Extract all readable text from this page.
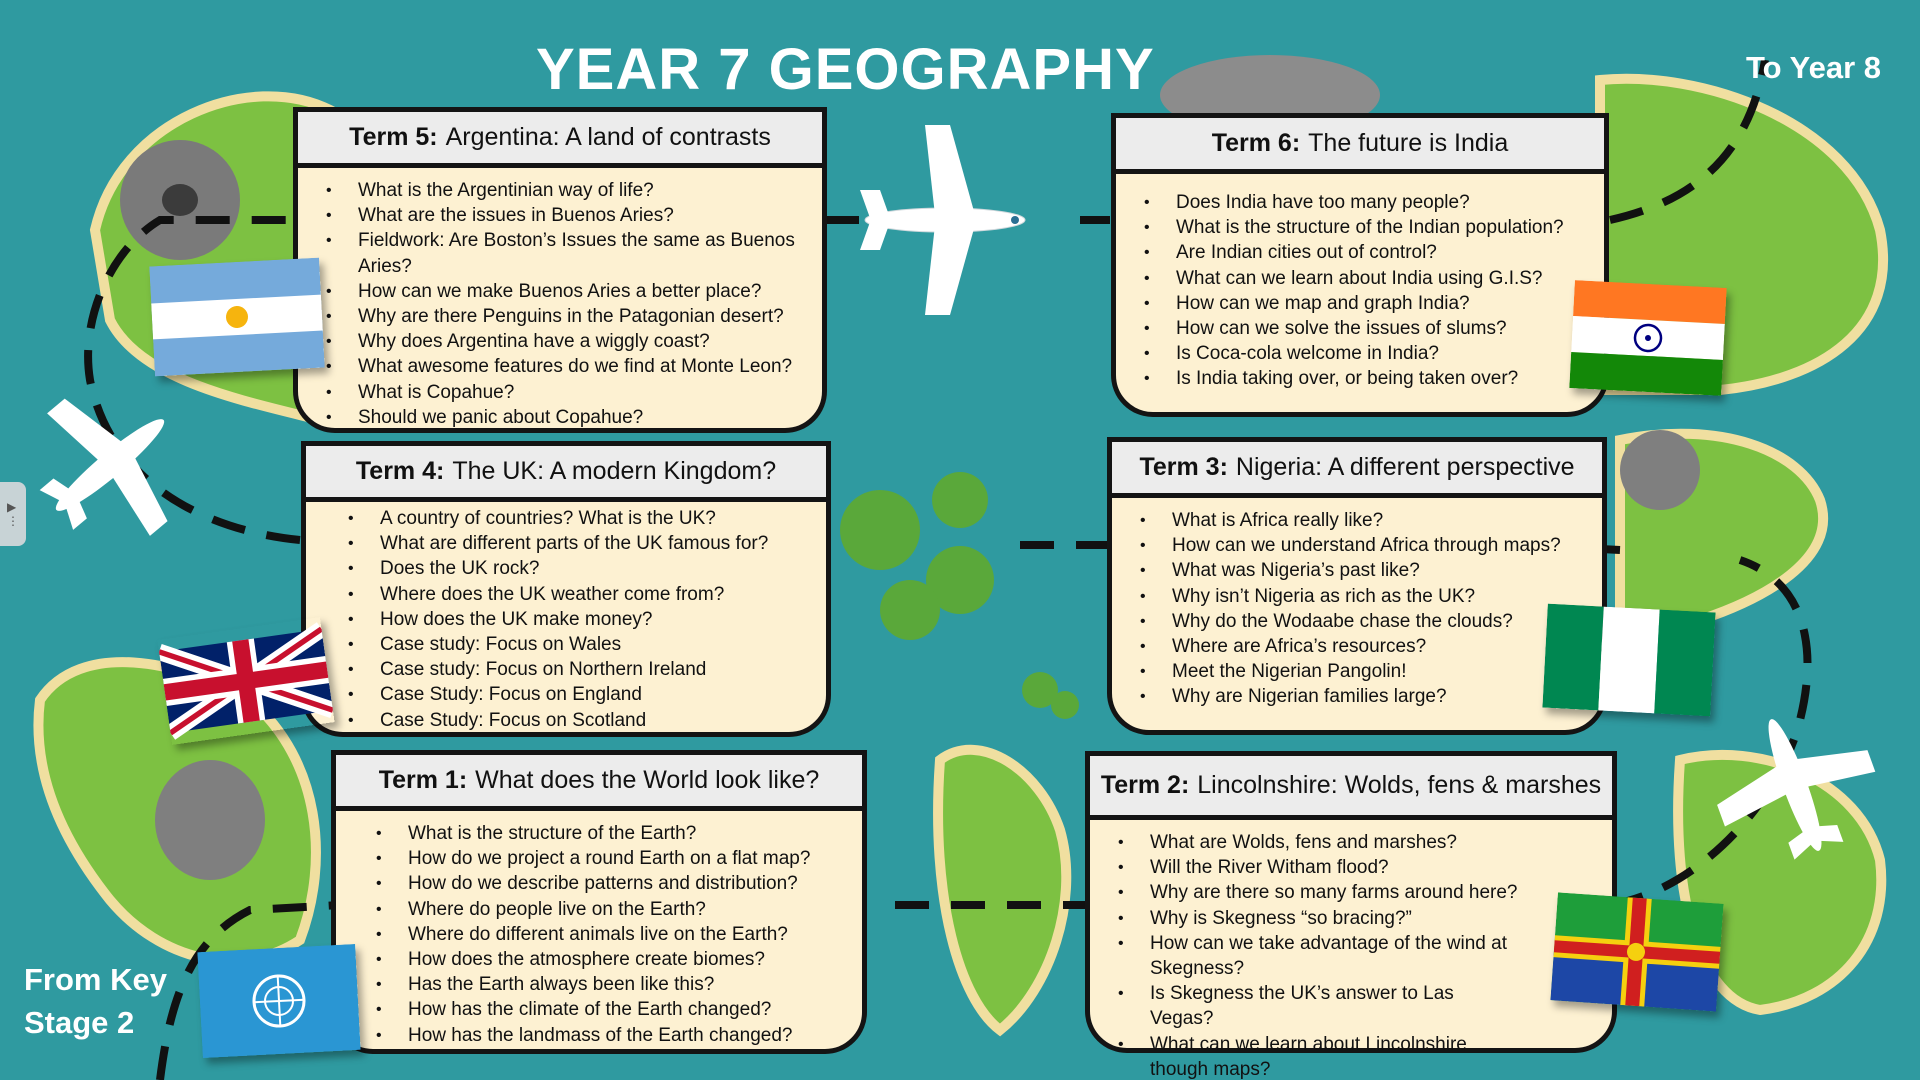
▶
⋮
YEAR 7 GEOGRAPHY	To Year 8
From Key Stage 2
Term 5: Argentina: A land of contrasts
• What is the Argentinian way of life?
• What are the issues in Buenos Aries?
• Fieldwork: Are Boston’s Issues the same as Buenos Aries?
• How can we make Buenos Aries a better place?
• Why are there Penguins in the Patagonian desert?
• Why does Argentina have a wiggly coast?
• What awesome features do we find at Monte Leon?
• What is Copahue?
• Should we panic about Copahue?
Term 6: The future is India
• Does India have too many people?
• What is the structure of the Indian population?
• Are Indian cities out of control?
• What can we learn about India using G.I.S?
• How can we map and graph India?
• How can we solve the issues of slums?
• Is Coca-cola welcome in India?
• Is India taking over, or being taken over?
Term 4: The UK: A modern Kingdom?
• A country of countries? What is the UK?
• What are different parts of the UK famous for?
• Does the UK rock?
• Where does the UK weather come from?
• How does the UK make money?
• Case study: Focus on Wales
• Case study: Focus on Northern Ireland
• Case Study: Focus on England
• Case Study: Focus on Scotland
Term 3: Nigeria: A different perspective
• What is Africa really like?
• How can we understand Africa through maps?
• What was Nigeria’s past like?
• Why isn’t Nigeria as rich as the UK?
• Why do the Wodaabe chase the clouds?
• Where are Africa’s resources?
• Meet the Nigerian Pangolin!
• Why are Nigerian families large?
Term 1: What does the World look like?
• What is the structure of the Earth?
• How do we project a round Earth on a flat map?
• How do we describe patterns and distribution?
• Where do people live on the Earth?
• Where do different animals live on the Earth?
• How does the atmosphere create biomes?
• Has the Earth always been like this?
• How has the climate of the Earth changed?
• How has the landmass of the Earth changed?
Term 2: Lincolnshire: Wolds, fens & marshes
• What are Wolds, fens and marshes?
• Will the River Witham flood?
• Why are there so many farms around here?
• Why is Skegness “so bracing?”
• How can we take advantage of the wind at Skegness?
• Is Skegness the UK’s answer to Las Vegas?
• What can we learn about Lincolnshire though maps?
